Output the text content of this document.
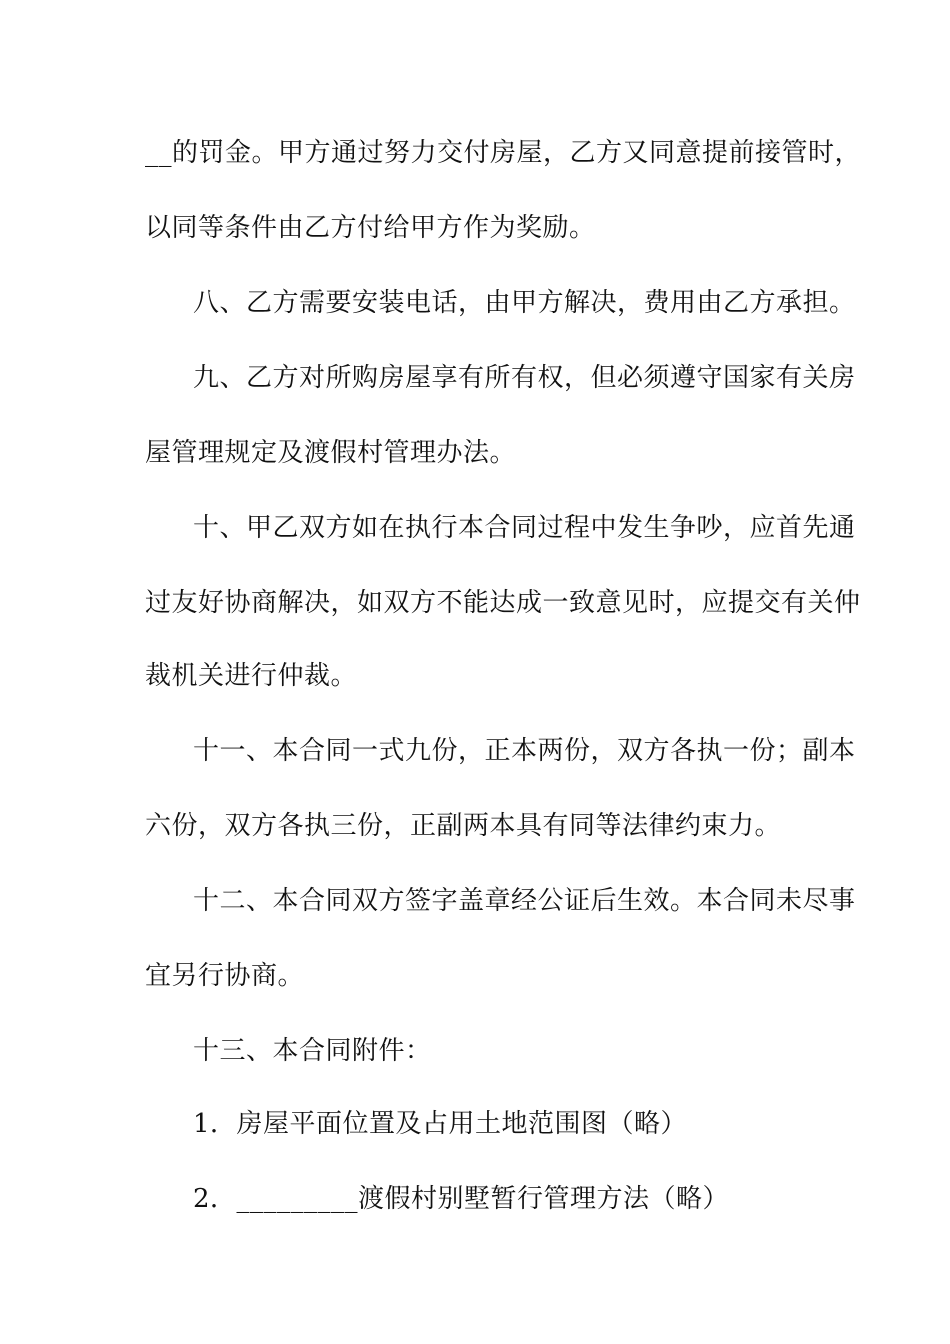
__的罚金。甲方通过努力交付房屋，乙方又同意提前接管时，
以同等条件由乙方付给甲方作为奖励。
八、乙方需要安装电话，由甲方解决，费用由乙方承担。
九、乙方对所购房屋享有所有权，但必须遵守国家有关房
屋管理规定及渡假村管理办法。
十、甲乙双方如在执行本合同过程中发生争吵，应首先通
过友好协商解决，如双方不能达成一致意见时，应提交有关仲
裁机关进行仲裁。
十一、本合同一式九份，正本两份，双方各执一份；副本
六份，双方各执三份，正副两本具有同等法律约束力。
十二、本合同双方签字盖章经公证后生效。本合同未尽事
宜另行协商。
十三、本合同附件：
1．房屋平面位置及占用土地范围图（略）
2．_________渡假村别墅暂行管理方法（略）
